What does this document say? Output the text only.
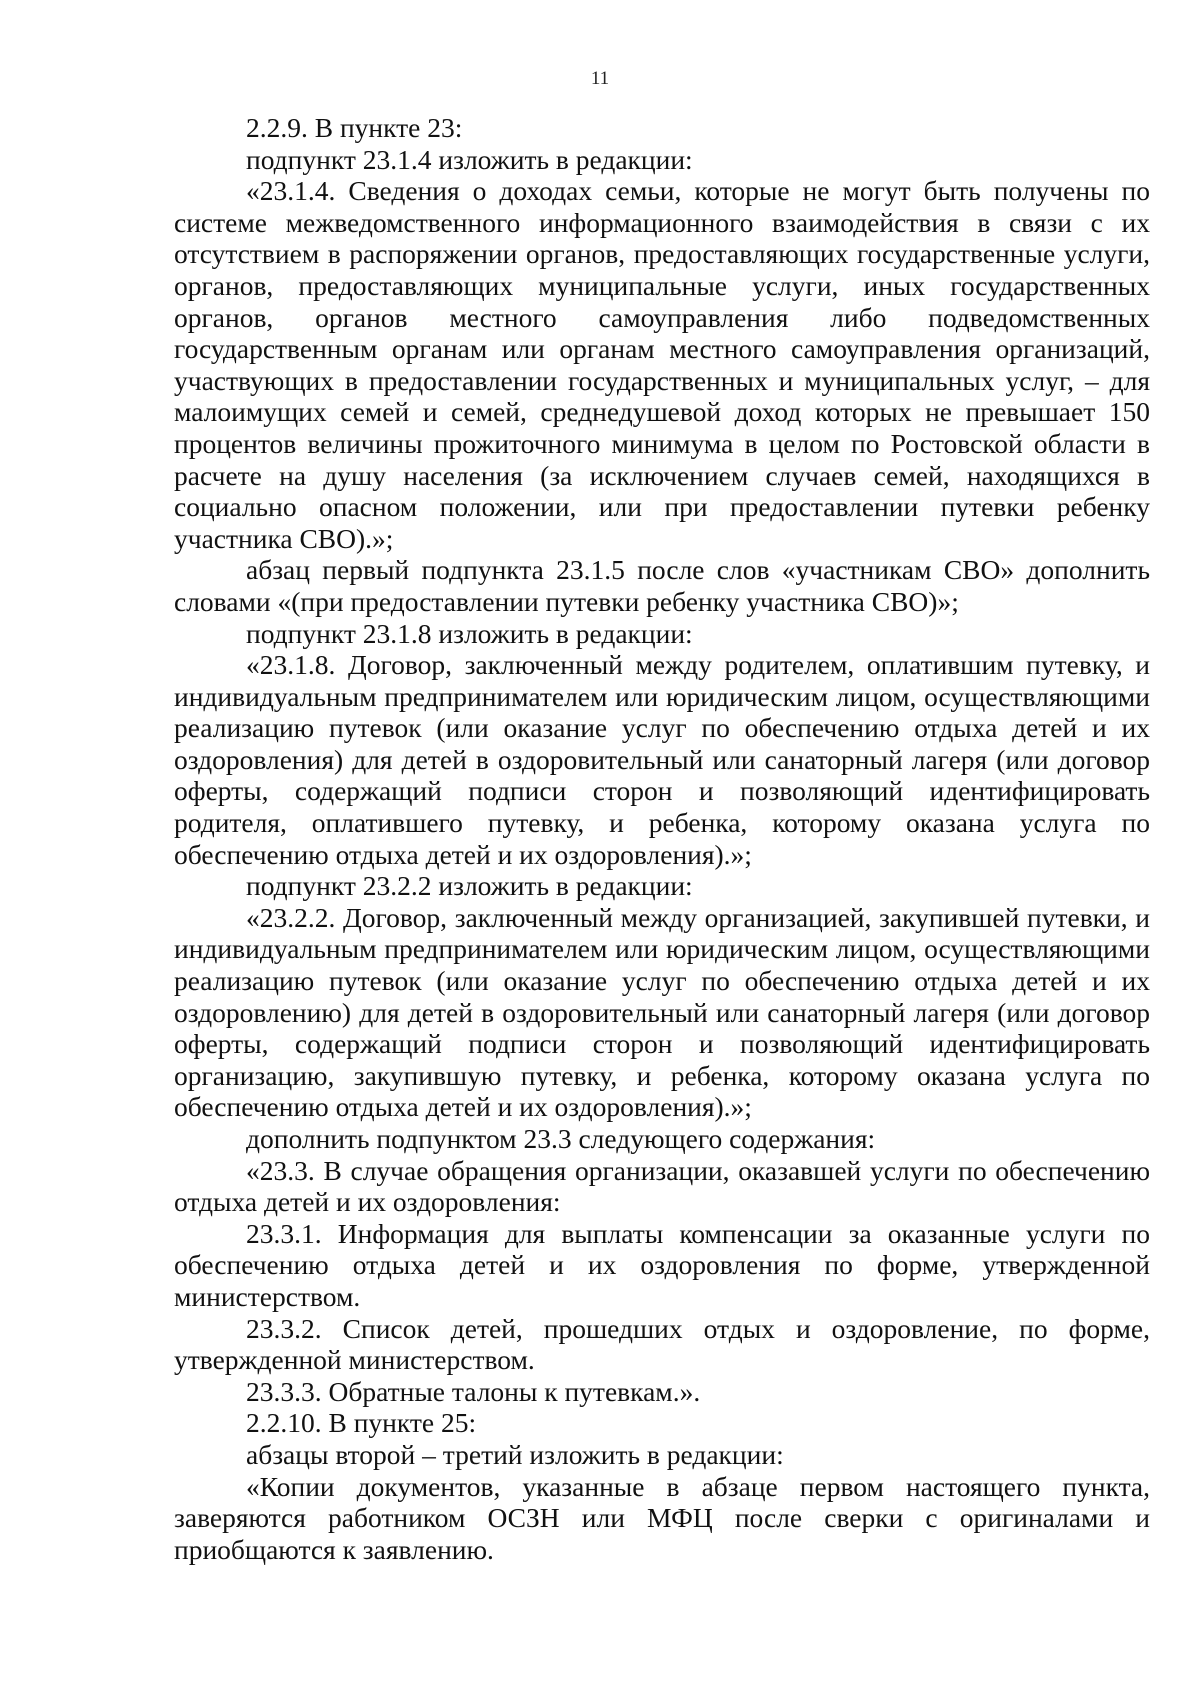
11

2.2.9. В пункте 23:

подпункт 23.1.4 изложить в редакции:

«23.1.4. Сведения о доходах семьи, которые не могут быть получены по системе межведомственного информационного взаимодействия в связи с их отсутствием в распоряжении органов, предоставляющих государственные услуги, органов, предоставляющих муниципальные услуги, иных государственных органов, органов местного самоуправления либо подведомственных государственным органам или органам местного самоуправления организаций, участвующих в предоставлении государственных и муниципальных услуг, – для малоимущих семей и семей, среднедушевой доход которых не превышает 150 процентов величины прожиточного минимума в целом по Ростовской области в расчете на душу населения (за исключением случаев семей, находящихся в социально опасном положении, или при предоставлении путевки ребенку участника СВО).»;

абзац первый подпункта 23.1.5 после слов «участникам СВО» дополнить словами «(при предоставлении путевки ребенку участника СВО)»;

подпункт 23.1.8 изложить в редакции:

«23.1.8. Договор, заключенный между родителем, оплатившим путевку, и индивидуальным предпринимателем или юридическим лицом, осуществляющими реализацию путевок (или оказание услуг по обеспечению отдыха детей и их оздоровления) для детей в оздоровительный или санаторный лагеря (или договор оферты, содержащий подписи сторон и позволяющий идентифицировать родителя, оплатившего путевку, и ребенка, которому оказана услуга по обеспечению отдыха детей и их оздоровления).»;

подпункт 23.2.2 изложить в редакции:

«23.2.2. Договор, заключенный между организацией, закупившей путевки, и индивидуальным предпринимателем или юридическим лицом, осуществляющими реализацию путевок (или оказание услуг по обеспечению отдыха детей и их оздоровлению) для детей в оздоровительный или санаторный лагеря (или договор оферты, содержащий подписи сторон и позволяющий идентифицировать организацию, закупившую путевку, и ребенка, которому оказана услуга по обеспечению отдыха детей и их оздоровления).»;

дополнить подпунктом 23.3 следующего содержания:

«23.3. В случае обращения организации, оказавшей услуги по обеспечению отдыха детей и их оздоровления:

23.3.1. Информация для выплаты компенсации за оказанные услуги по обеспечению отдыха детей и их оздоровления по форме, утвержденной министерством.

23.3.2. Список детей, прошедших отдых и оздоровление, по форме, утвержденной министерством.

23.3.3. Обратные талоны к путевкам.».

2.2.10. В пункте 25:

абзацы второй – третий изложить в редакции:

«Копии документов, указанные в абзаце первом настоящего пункта, заверяются работником ОСЗН или МФЦ после сверки с оригиналами и приобщаются к заявлению.
